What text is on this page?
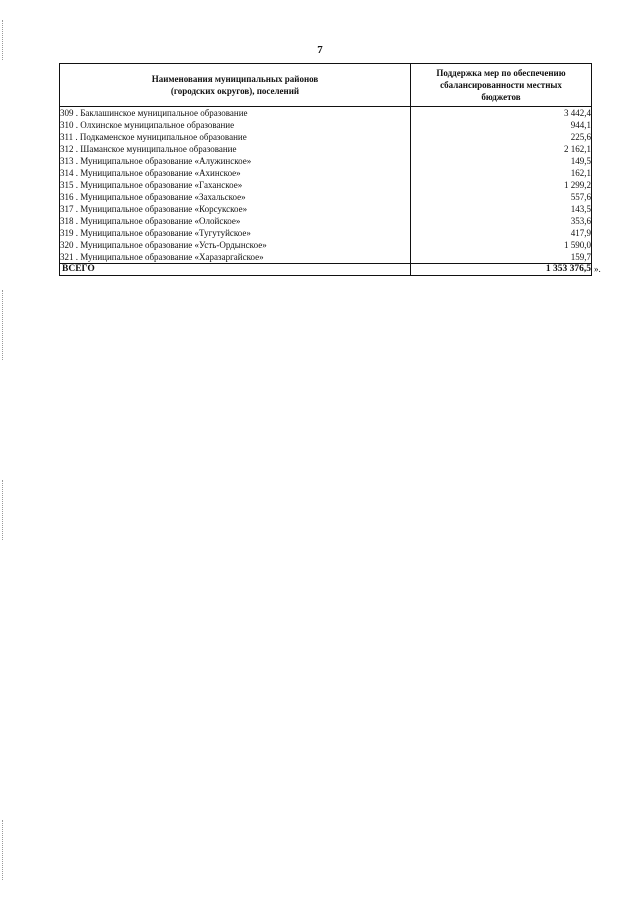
7
Наименования муниципальных районов
(городских округов), поселений	Поддержка мер по обеспечению
сбалансированности местных
бюджетов

309 . Баклашинское муниципальное образование	3 442,4
310 . Олхинское муниципальное образование	944,1
311 . Подкаменское муниципальное образование	225,6
312 . Шаманское муниципальное образование	2 162,1
313 . Муниципальное образование «Алужинское»	149,5
314 . Муниципальное образование «Ахинское»	162,1
315 . Муниципальное образование «Гаханское»	1 299,2
316 . Муниципальное образование «Захальское»	557,6
317 . Муниципальное образование «Корсукское»	143,5
318 . Муниципальное образование «Олойское»	353,6
319 . Муниципальное образование «Тугутуйское»	417,9
320 . Муниципальное образование «Усть-Ордынское»	1 590,0
321 . Муниципальное образование «Харазаргайское»	159,7
ВСЕГО	1 353 376,5 ».
